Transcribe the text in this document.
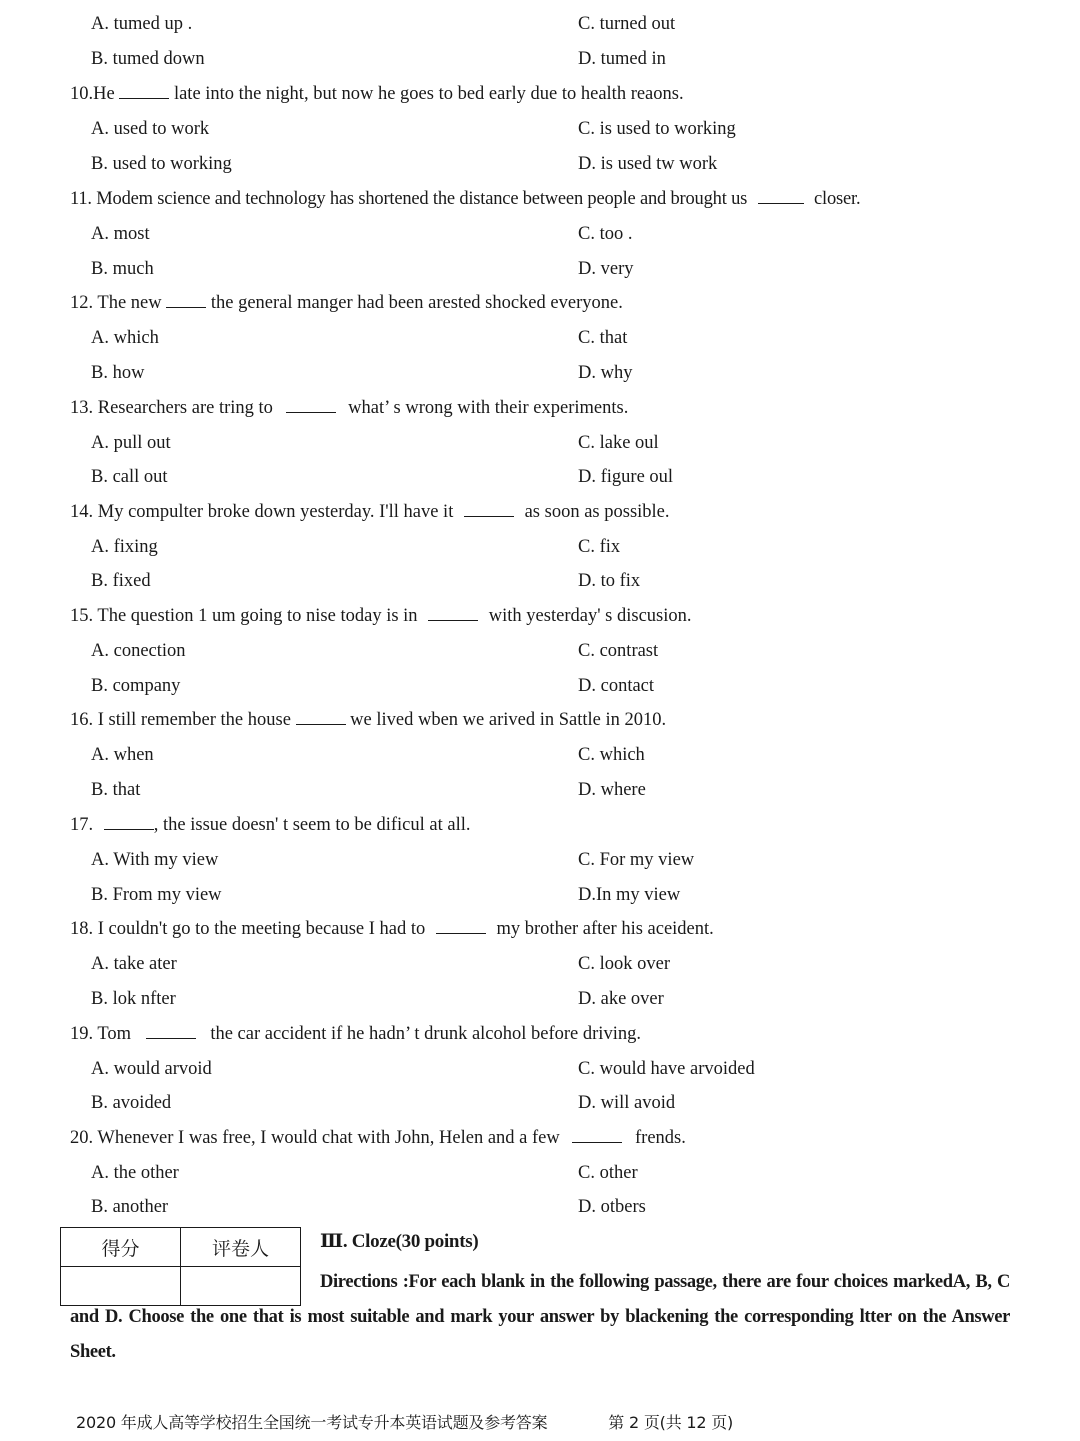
A. tumed up .	C. turned out
B. tumed down	D. tumed in
10.He	late into the night, but now he goes to bed early due to health reaons.
A. used to work	C. is used to working
B. used to working	D. is used tw work
11. Modem science and technology has shortened the distance between people and brought us	closer.
A. most	C. too .
B. much	D. very
12. The new	the general manger had been arested shocked everyone.
A. which	C. that
B. how	D. why
13. Researchers are tring to	what’ s wrong with their experiments.
A. pull out	C. lake oul
B. call out	D. figure oul
14. My compulter broke down yesterday. I'll have it	as soon as possible.
A. fixing	C. fix
B. fixed	D. to fix
15. The question 1 um going to nise today is in	with yesterday' s discusion.
A. conection	C. contrast
B. company	D. contact
16. I still remember the house	we lived wben we arived in Sattle in 2010.
A. when	C. which
B. that	D. where
17.	, the issue doesn' t seem to be dificul at all.
A. With my view	C. For my view
B. From my view	D.In my view
18. I couldn't go to the meeting because I had to	my brother after his aceident.
A. take ater	C. look over
B. lok nfter	D. ake over
19. Tom	the car accident if he hadn’ t drunk alcohol before driving.
A. would arvoid	C. would have arvoided
B. avoided	D. will avoid
20. Whenever I was free, I would chat with John, Helen and a few	frends.
A. the other	C. other
B. another	D. otbers
得分	评卷人
		Ⅲ. Cloze(30 points)
Directions :For each blank in the following passage, there are four choices markedA, B, C and D. Choose the one that is most suitable and mark your answer by blackening the corresponding ltter on the Answer Sheet.
2020 年成人高等学校招生全国统一考试专升本英语试题及参考答案	第 2 页(共 12 页)
